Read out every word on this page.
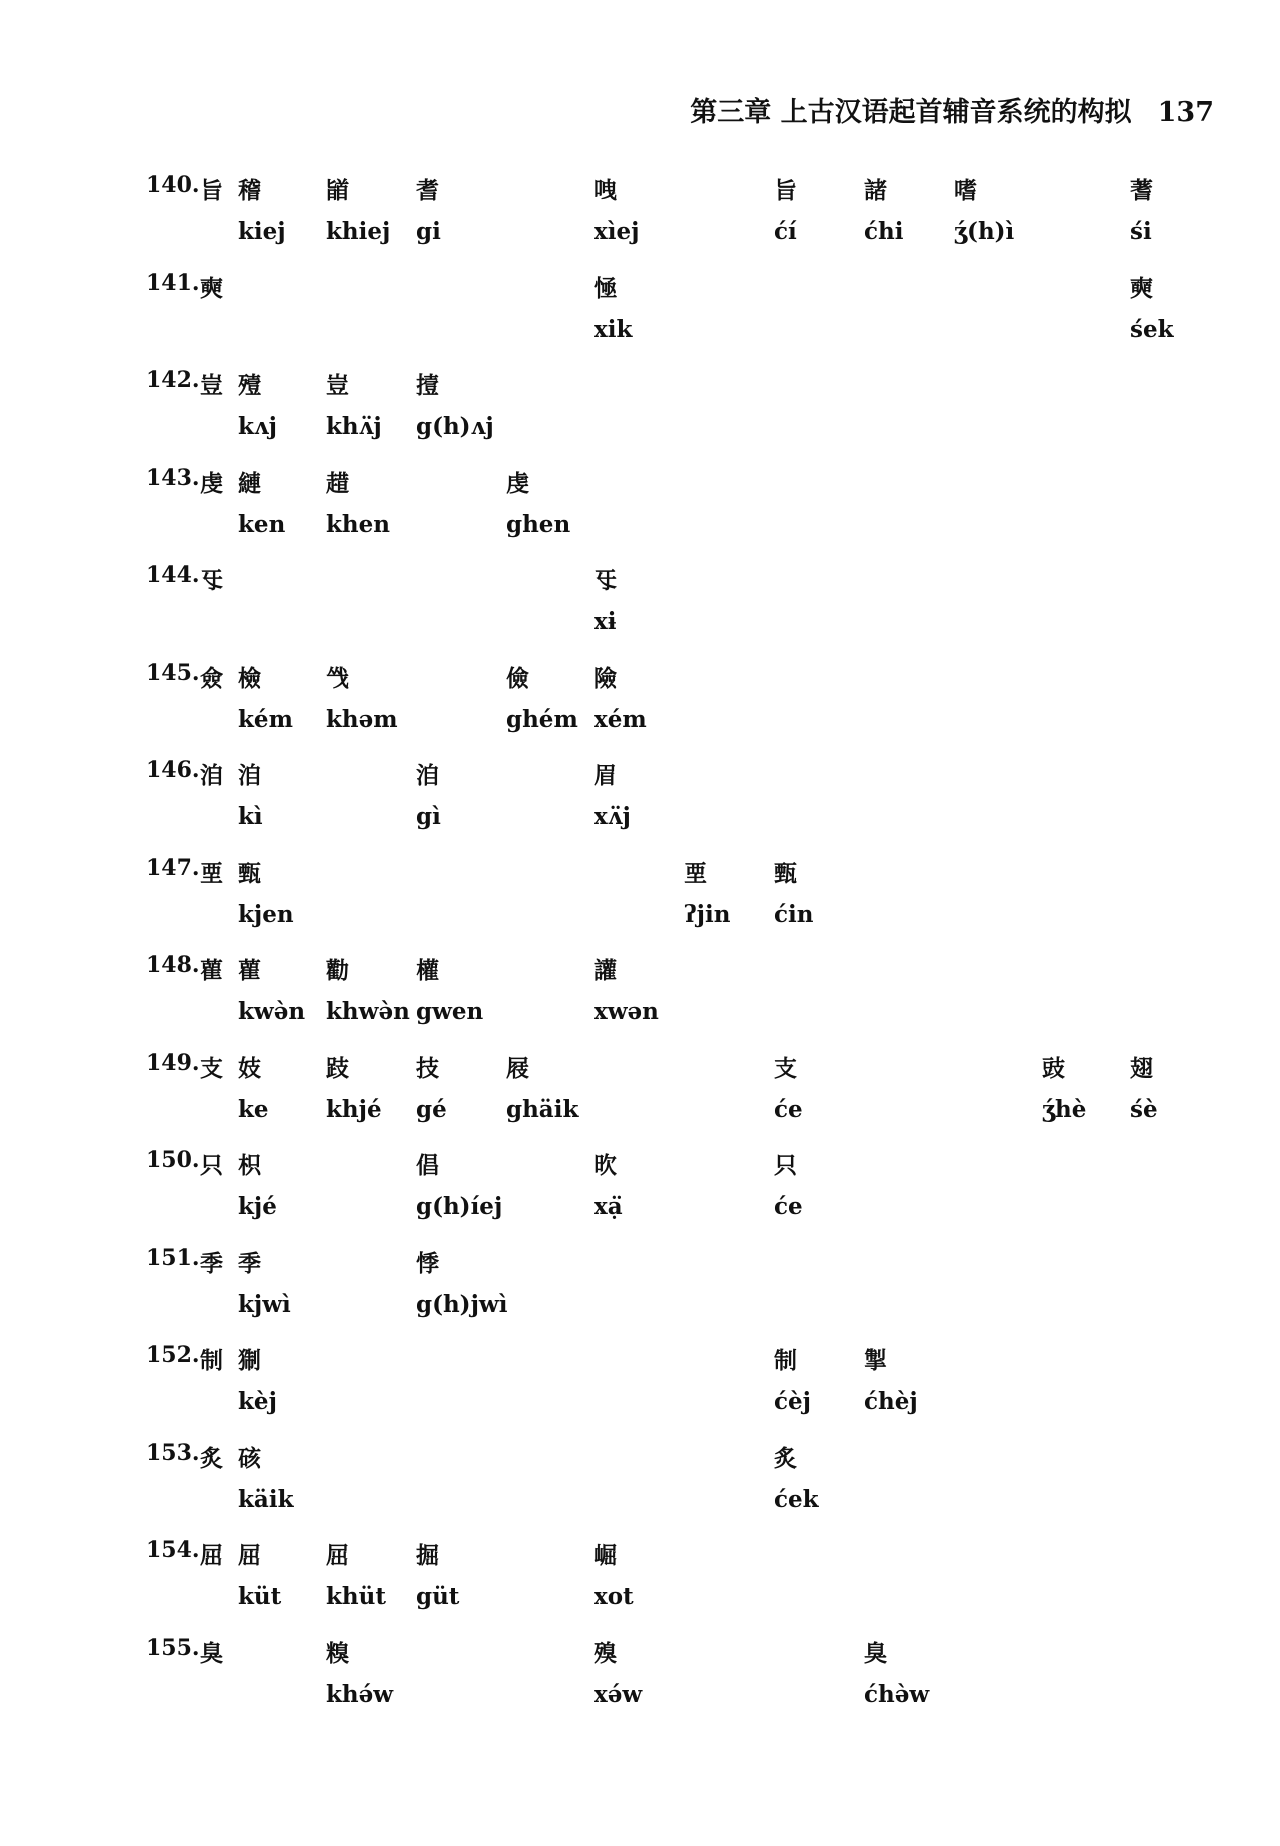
第三章 上古汉语起首辅音系统的构拟 137
140. 旨 稽	䭫	耆	㖂	旨	諸	嗜	蓍
kiej khiej gi	xìej	ćí	ćhi ʒ́(h)ì	śi
141. 奭	㥛	奭
xik	śek
142. 豈 殪	豈	撎
kʌj khʌ̈j g(h)ʌj
143. 虔 縺	趞	虔
ken khen	ghen
144. 㸦	㸦
xɨ
145. 僉 檢	㦰	儉	險
kém khəm	ghém xém
146. 洎 洎	洎	眉
kì	gì	xʌ̈j
147. 垔 甄	垔	甄
kjen	ʔjin ćin
148. 雚 雚	勸	權	讙
kwə̀n khwə̀n gwen	xwən
149. 支 妓	跂	技	屐	支	豉	翅
ke khjé gé	ghäik	će	ʒ́hè śè
150. 只 枳	倡	欥	只
kjé	g(h)íej	xạ̈	će
151. 季 季	悸
kjwì	g(h)jwì
152. 制 猘	制	掣
kèj	ćèj ćhèj
153. 炙 硋	炙
käik	ćek
154. 屈 屈	屈	掘	崛
küt khüt güt	xot
155. 臭	糗	殠	臭
khə́w	xə́w	ćhə̀w
